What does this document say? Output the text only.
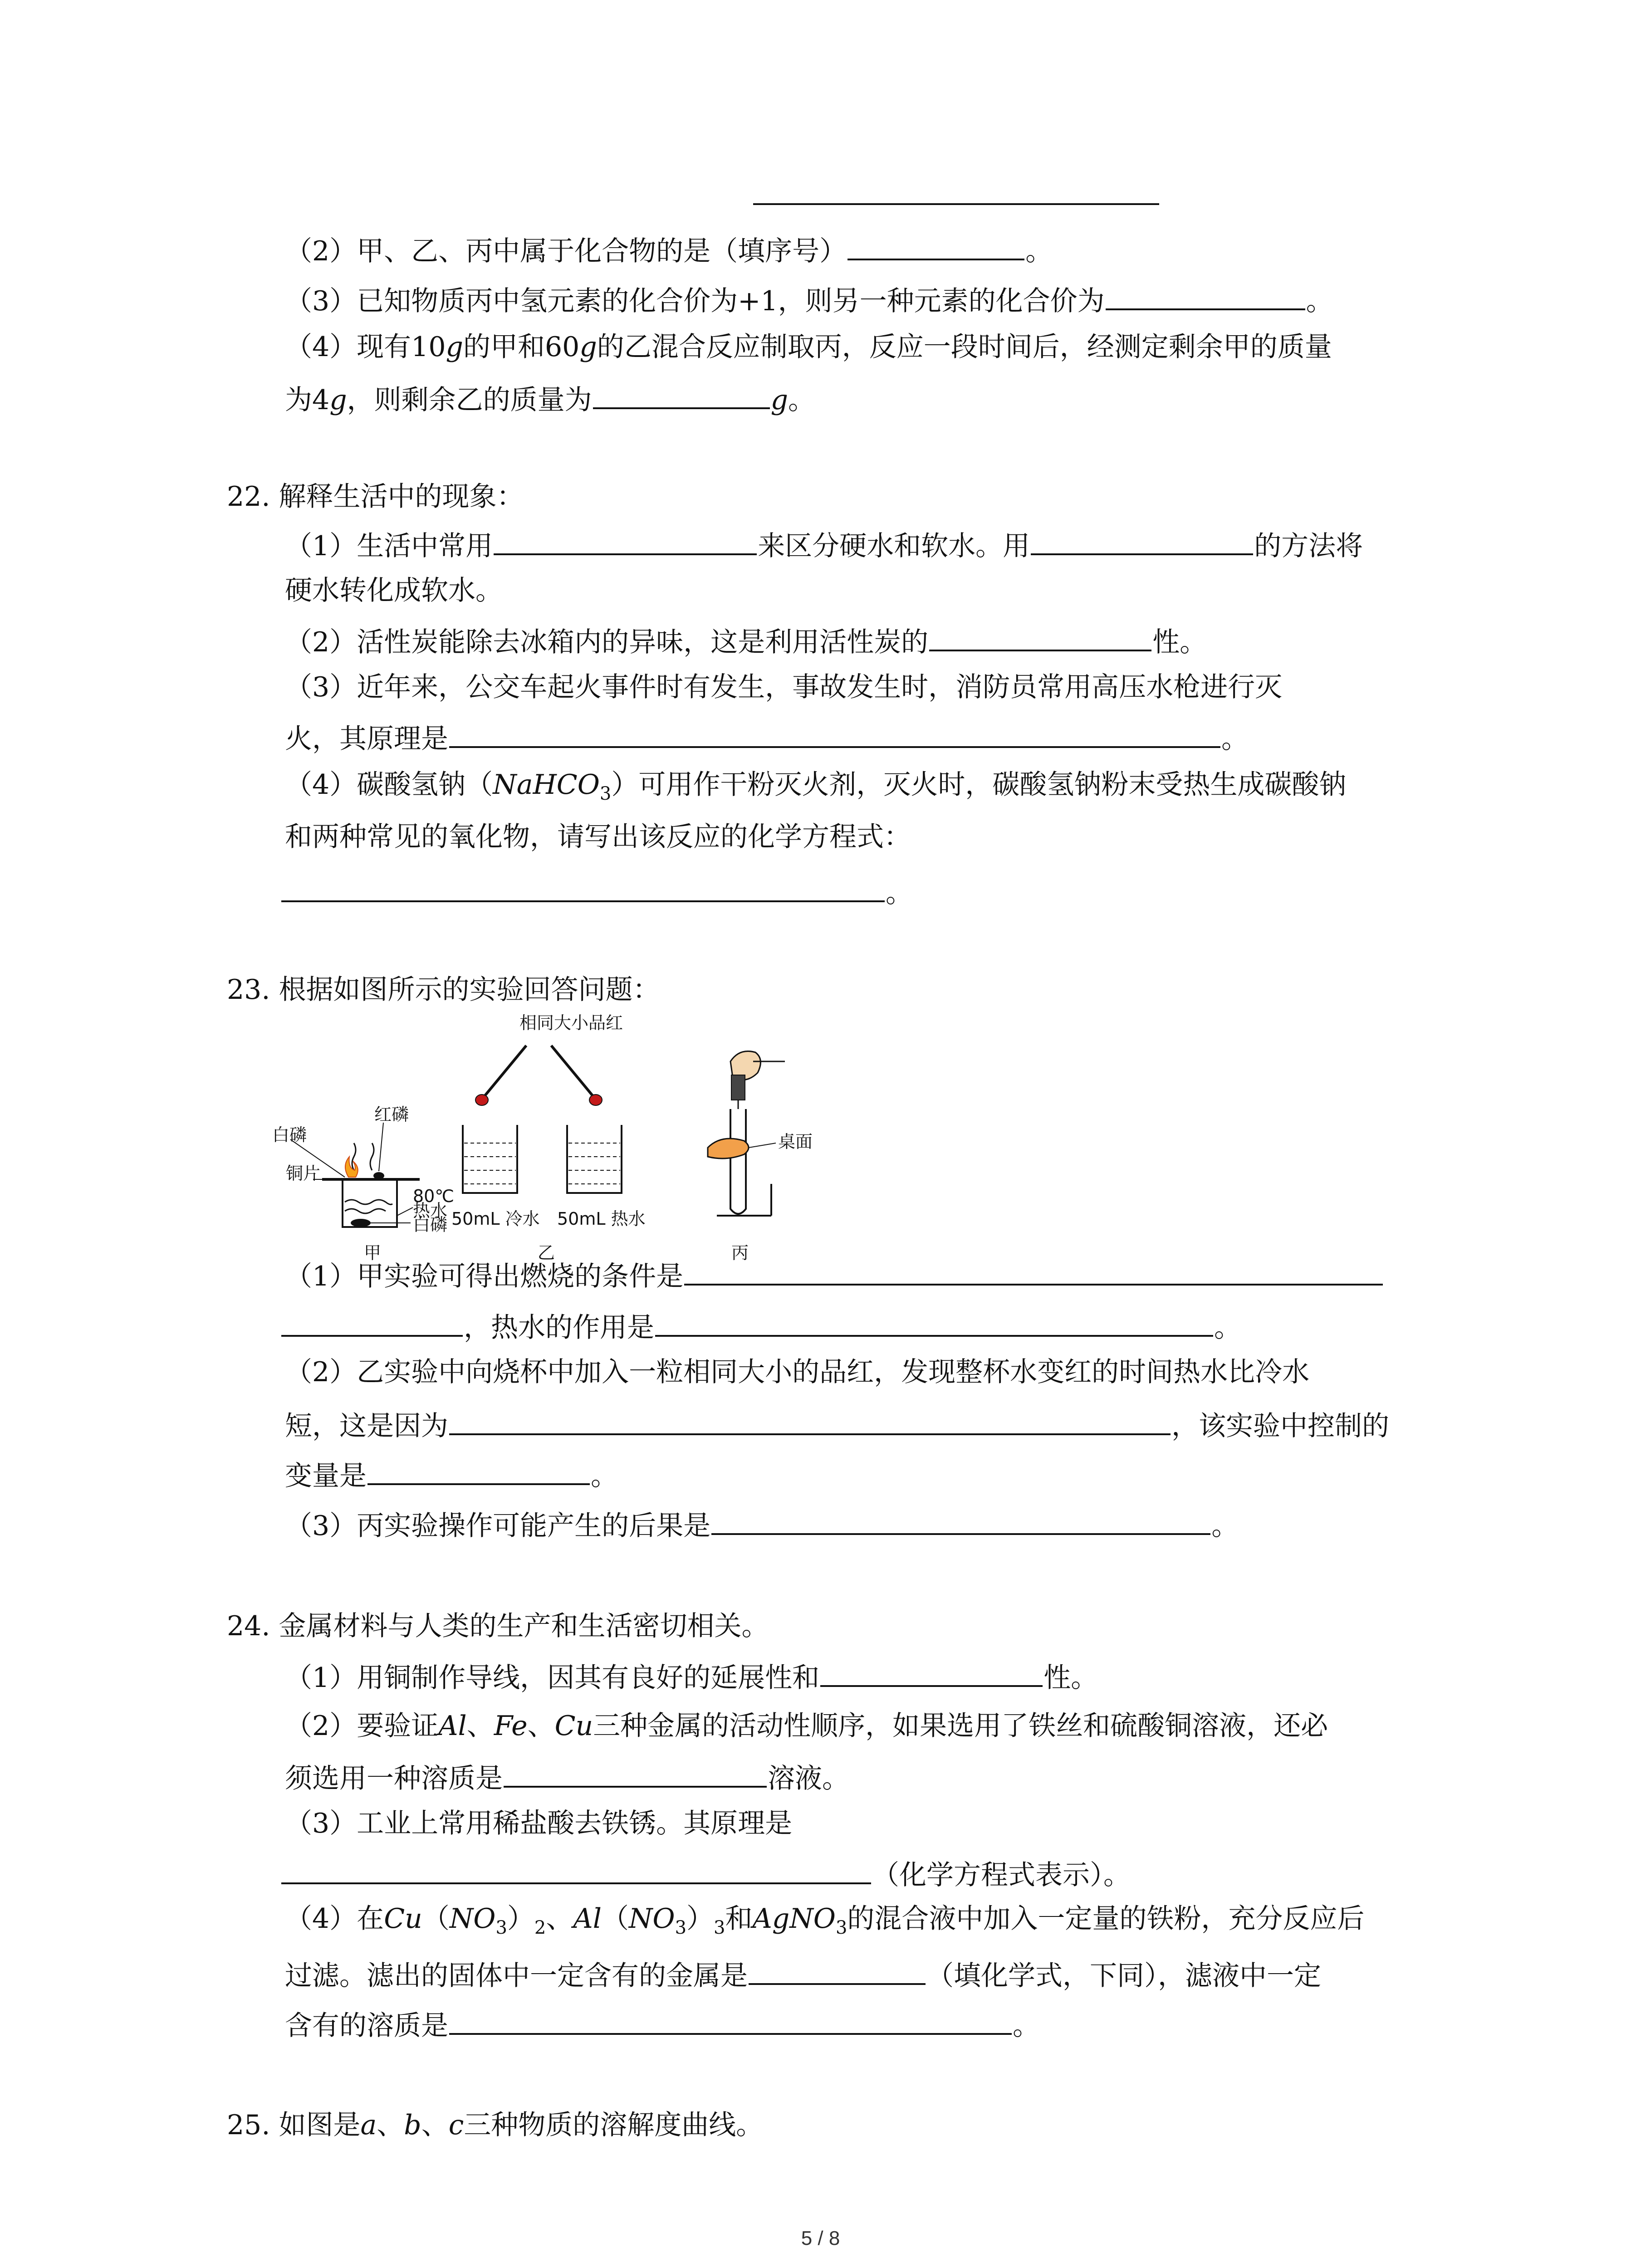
（2）甲、乙、丙中属于化合物的是（填序号）	。
（3）已知物质丙中氢元素的化合价为+1，则另一种元素的化合价为	。
（4）现有10g的甲和60g的乙混合反应制取丙，反应一段时间后，经测定剩余甲的质量
为4g，则剩余乙的质量为	g。
22. 解释生活中的现象：
（1）生活中常用	来区分硬水和软水。用	的方法将
硬水转化成软水。
（2）活性炭能除去冰箱内的异味，这是利用活性炭的	性。
（3）近年来，公交车起火事件时有发生，事故发生时，消防员常用高压水枪进行灭
火，其原理是	。
（4）碳酸氢钠（NaHCO$_3$）可用作干粉灭火剂，灭火时，碳酸氢钠粉末受热生成碳酸钠
和两种常见的氧化物，请写出该反应的化学方程式：
。
23. 根据如图所示的实验回答问题：
红磷
白磷
铜片
80℃
热水
白磷
甲
相同大小品红
50mL 冷水 50mL 热水
乙
桌面
丙
（1）甲实验可得出燃烧的条件是
，热水的作用是	。
（2）乙实验中向烧杯中加入一粒相同大小的品红，发现整杯水变红的时间热水比冷水
短，这是因为	，该实验中控制的
变量是	。
（3）丙实验操作可能产生的后果是	。
24. 金属材料与人类的生产和生活密切相关。
（1）用铜制作导线，因其有良好的延展性和	性。
（2）要验证Al、Fe、Cu三种金属的活动性顺序，如果选用了铁丝和硫酸铜溶液，还必
须选用一种溶质是	溶液。
（3）工业上常用稀盐酸去铁锈。其原理是
（化学方程式表示）。
（4）在$Cu(NO_3)_2$、$Al(NO_3)_3$和AgNO$_3$的混合液中加入一定量的铁粉，充分反应后
过滤。滤出的固体中一定含有的金属是	（填化学式，下同），滤液中一定
含有的溶质是	。
25. 如图是a、b、c三种物质的溶解度曲线。
5 / 8
